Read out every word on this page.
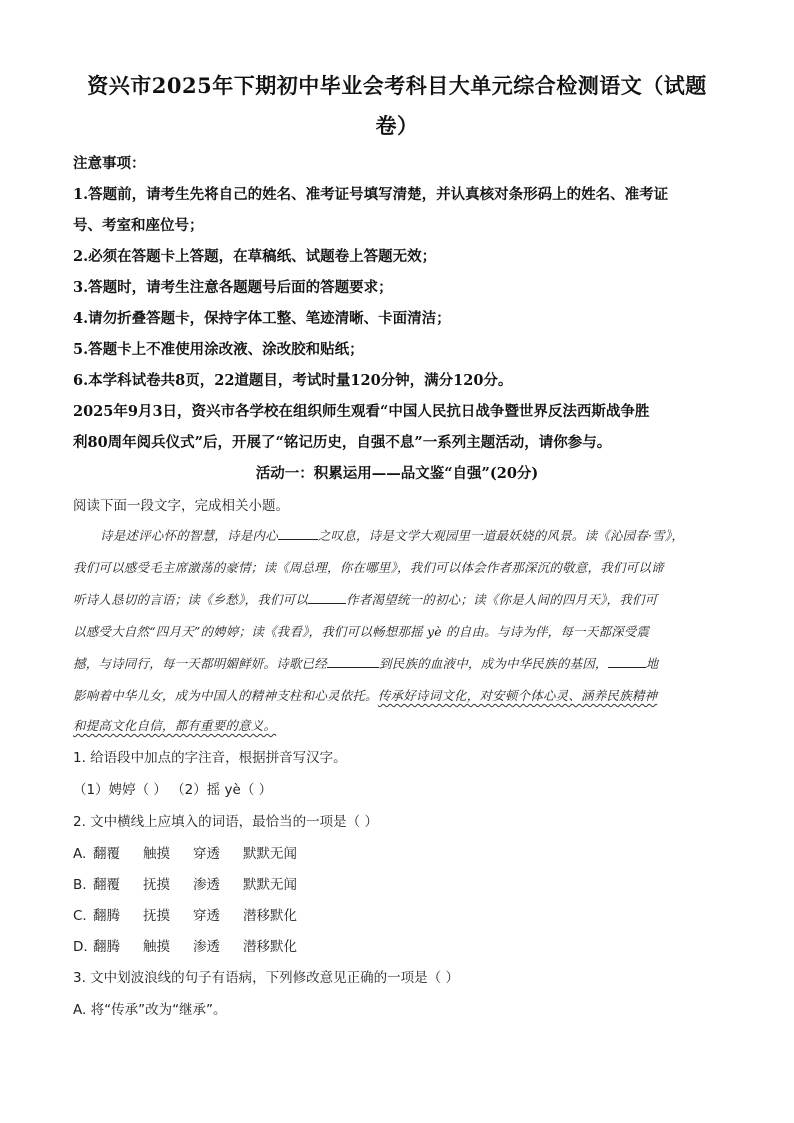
资兴市2025年下期初中毕业会考科目大单元综合检测语文（试题
卷）
注意事项：
1.答题前，请考生先将自己的姓名、准考证号填写清楚，并认真核对条形码上的姓名、准考证
号、考室和座位号；
2.必须在答题卡上答题，在草稿纸、试题卷上答题无效；
3.答题时，请考生注意各题题号后面的答题要求；
4.请勿折叠答题卡，保持字体工整、笔迹清晰、卡面清洁；
5.答题卡上不准使用涂改液、涂改胶和贴纸；
6.本学科试卷共8页，22道题目，考试时量120分钟，满分120分。
2025年9月3日，资兴市各学校在组织师生观看“中国人民抗日战争暨世界反法西斯战争胜
利80周年阅兵仪式”后，开展了“铭记历史，自强不息”一系列主题活动，请你参与。
活动一：积累运用——品文鉴“自强”(20分)
阅读下面一段文字，完成相关小题。
诗是述评心怀的智慧，诗是内心	之叹息，诗是文学大观园里一道最妖娆的风景。读《沁园春·雪》，
我们可以感受毛主席激荡的豪情；读《周总理，你在哪里》，我们可以体会作者那深沉的敬意，我们可以谛
听诗人恳切的言语；读《乡愁》，我们可以	作者渴望统一的初心；读《你是人间的四月天》，我们可
以感受大自然“四月天”的娉婷；读《我看》，我们可以畅想那摇 yè 的自由。与诗为伴，每一天都深受震
撼，与诗同行，每一天都明媚鲜妍。诗歌已经	到民族的血液中，成为中华民族的基因，	地
影响着中华儿女，成为中国人的精神支柱和心灵依托。传承好诗词文化，对安顿个体心灵、涵养民族精神
和提高文化自信，都有重要的意义。
1. 给语段中加点的字注音，根据拼音写汉字。
（1）娉婷（ ） （2）摇 yè（ ）
2. 文中横线上应填入的词语，最恰当的一项是（ ）
A. 翻覆 触摸 穿透 默默无闻
B. 翻覆 抚摸 渗透 默默无闻
C. 翻腾 抚摸 穿透 潜移默化
D. 翻腾 触摸 渗透 潜移默化
3. 文中划波浪线的句子有语病，下列修改意见正确的一项是（ ）
A. 将“传承”改为“继承”。
